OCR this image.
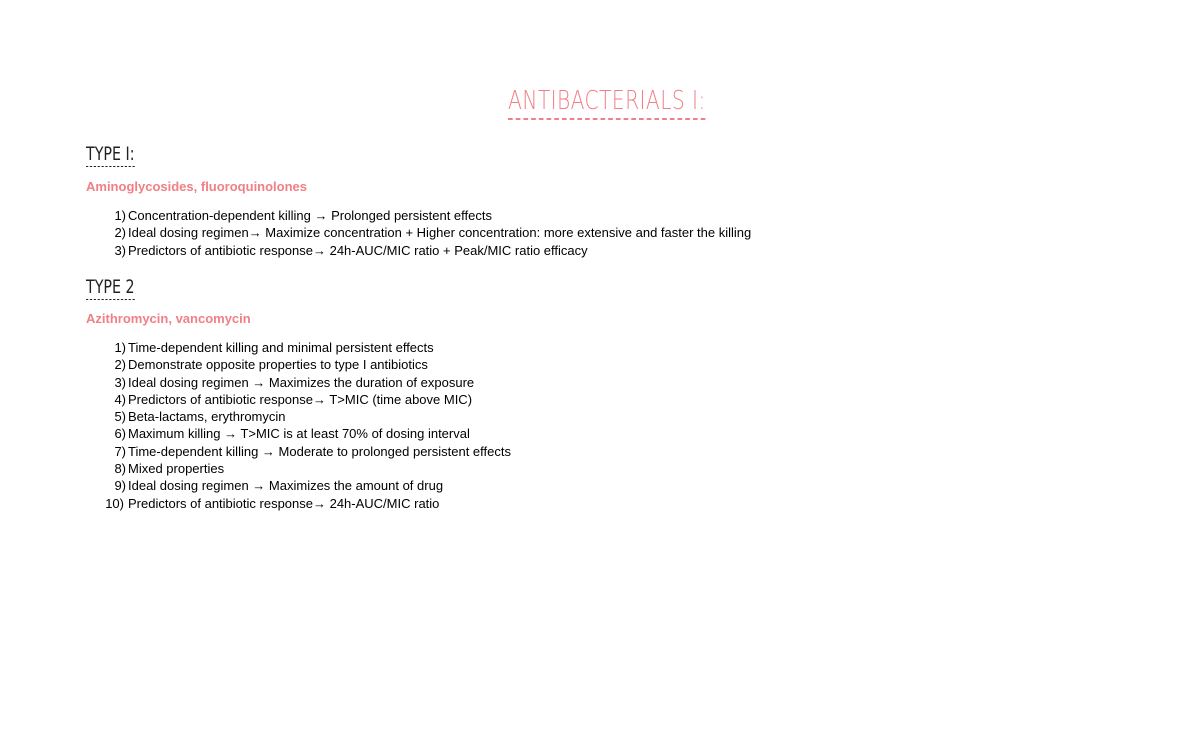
ANTIBACTERIALS I:
TYPE I:
Aminoglycosides, fluoroquinolones
1) Concentration-dependent killing → Prolonged persistent effects
2) Ideal dosing regimen→ Maximize concentration + Higher concentration: more extensive and faster the killing
3) Predictors of antibiotic response→ 24h-AUC/MIC ratio + Peak/MIC ratio efficacy
TYPE 2
Azithromycin, vancomycin
1) Time-dependent killing and minimal persistent effects
2) Demonstrate opposite properties to type I antibiotics
3) Ideal dosing regimen → Maximizes the duration of exposure
4) Predictors of antibiotic response→ T>MIC (time above MIC)
5) Beta-lactams, erythromycin
6) Maximum killing → T>MIC is at least 70% of dosing interval
7) Time-dependent killing → Moderate to prolonged persistent effects
8) Mixed properties
9) Ideal dosing regimen → Maximizes the amount of drug
10) Predictors of antibiotic response→ 24h-AUC/MIC ratio
